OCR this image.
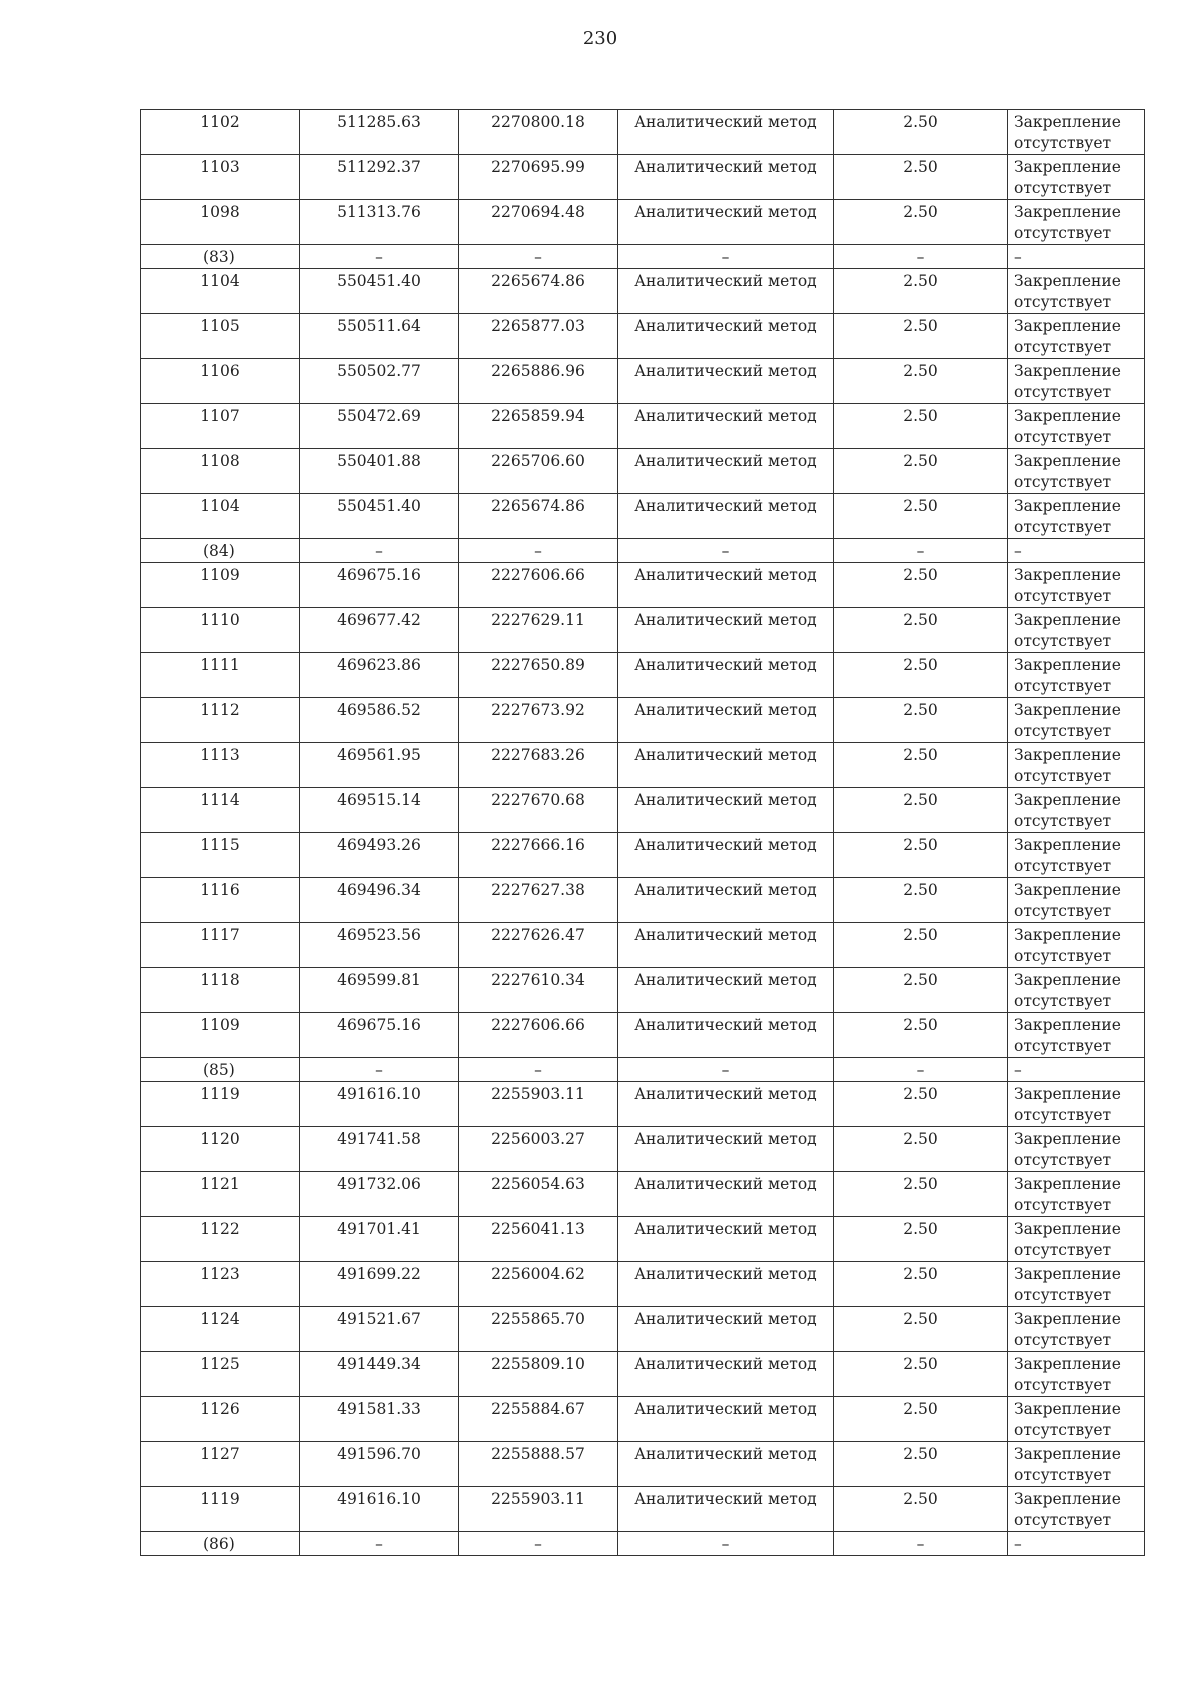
230
1102	511285.63	2270800.18	Аналитический метод	2.50	Закрепление отсутствует
1103	511292.37	2270695.99	Аналитический метод	2.50	Закрепление отсутствует
1098	511313.76	2270694.48	Аналитический метод	2.50	Закрепление отсутствует
(83)	–	–	–	–	–
1104	550451.40	2265674.86	Аналитический метод	2.50	Закрепление отсутствует
1105	550511.64	2265877.03	Аналитический метод	2.50	Закрепление отсутствует
1106	550502.77	2265886.96	Аналитический метод	2.50	Закрепление отсутствует
1107	550472.69	2265859.94	Аналитический метод	2.50	Закрепление отсутствует
1108	550401.88	2265706.60	Аналитический метод	2.50	Закрепление отсутствует
1104	550451.40	2265674.86	Аналитический метод	2.50	Закрепление отсутствует
(84)	–	–	–	–	–
1109	469675.16	2227606.66	Аналитический метод	2.50	Закрепление отсутствует
1110	469677.42	2227629.11	Аналитический метод	2.50	Закрепление отсутствует
1111	469623.86	2227650.89	Аналитический метод	2.50	Закрепление отсутствует
1112	469586.52	2227673.92	Аналитический метод	2.50	Закрепление отсутствует
1113	469561.95	2227683.26	Аналитический метод	2.50	Закрепление отсутствует
1114	469515.14	2227670.68	Аналитический метод	2.50	Закрепление отсутствует
1115	469493.26	2227666.16	Аналитический метод	2.50	Закрепление отсутствует
1116	469496.34	2227627.38	Аналитический метод	2.50	Закрепление отсутствует
1117	469523.56	2227626.47	Аналитический метод	2.50	Закрепление отсутствует
1118	469599.81	2227610.34	Аналитический метод	2.50	Закрепление отсутствует
1109	469675.16	2227606.66	Аналитический метод	2.50	Закрепление отсутствует
(85)	–	–	–	–	–
1119	491616.10	2255903.11	Аналитический метод	2.50	Закрепление отсутствует
1120	491741.58	2256003.27	Аналитический метод	2.50	Закрепление отсутствует
1121	491732.06	2256054.63	Аналитический метод	2.50	Закрепление отсутствует
1122	491701.41	2256041.13	Аналитический метод	2.50	Закрепление отсутствует
1123	491699.22	2256004.62	Аналитический метод	2.50	Закрепление отсутствует
1124	491521.67	2255865.70	Аналитический метод	2.50	Закрепление отсутствует
1125	491449.34	2255809.10	Аналитический метод	2.50	Закрепление отсутствует
1126	491581.33	2255884.67	Аналитический метод	2.50	Закрепление отсутствует
1127	491596.70	2255888.57	Аналитический метод	2.50	Закрепление отсутствует
1119	491616.10	2255903.11	Аналитический метод	2.50	Закрепление отсутствует
(86)	–	–	–	–	–
